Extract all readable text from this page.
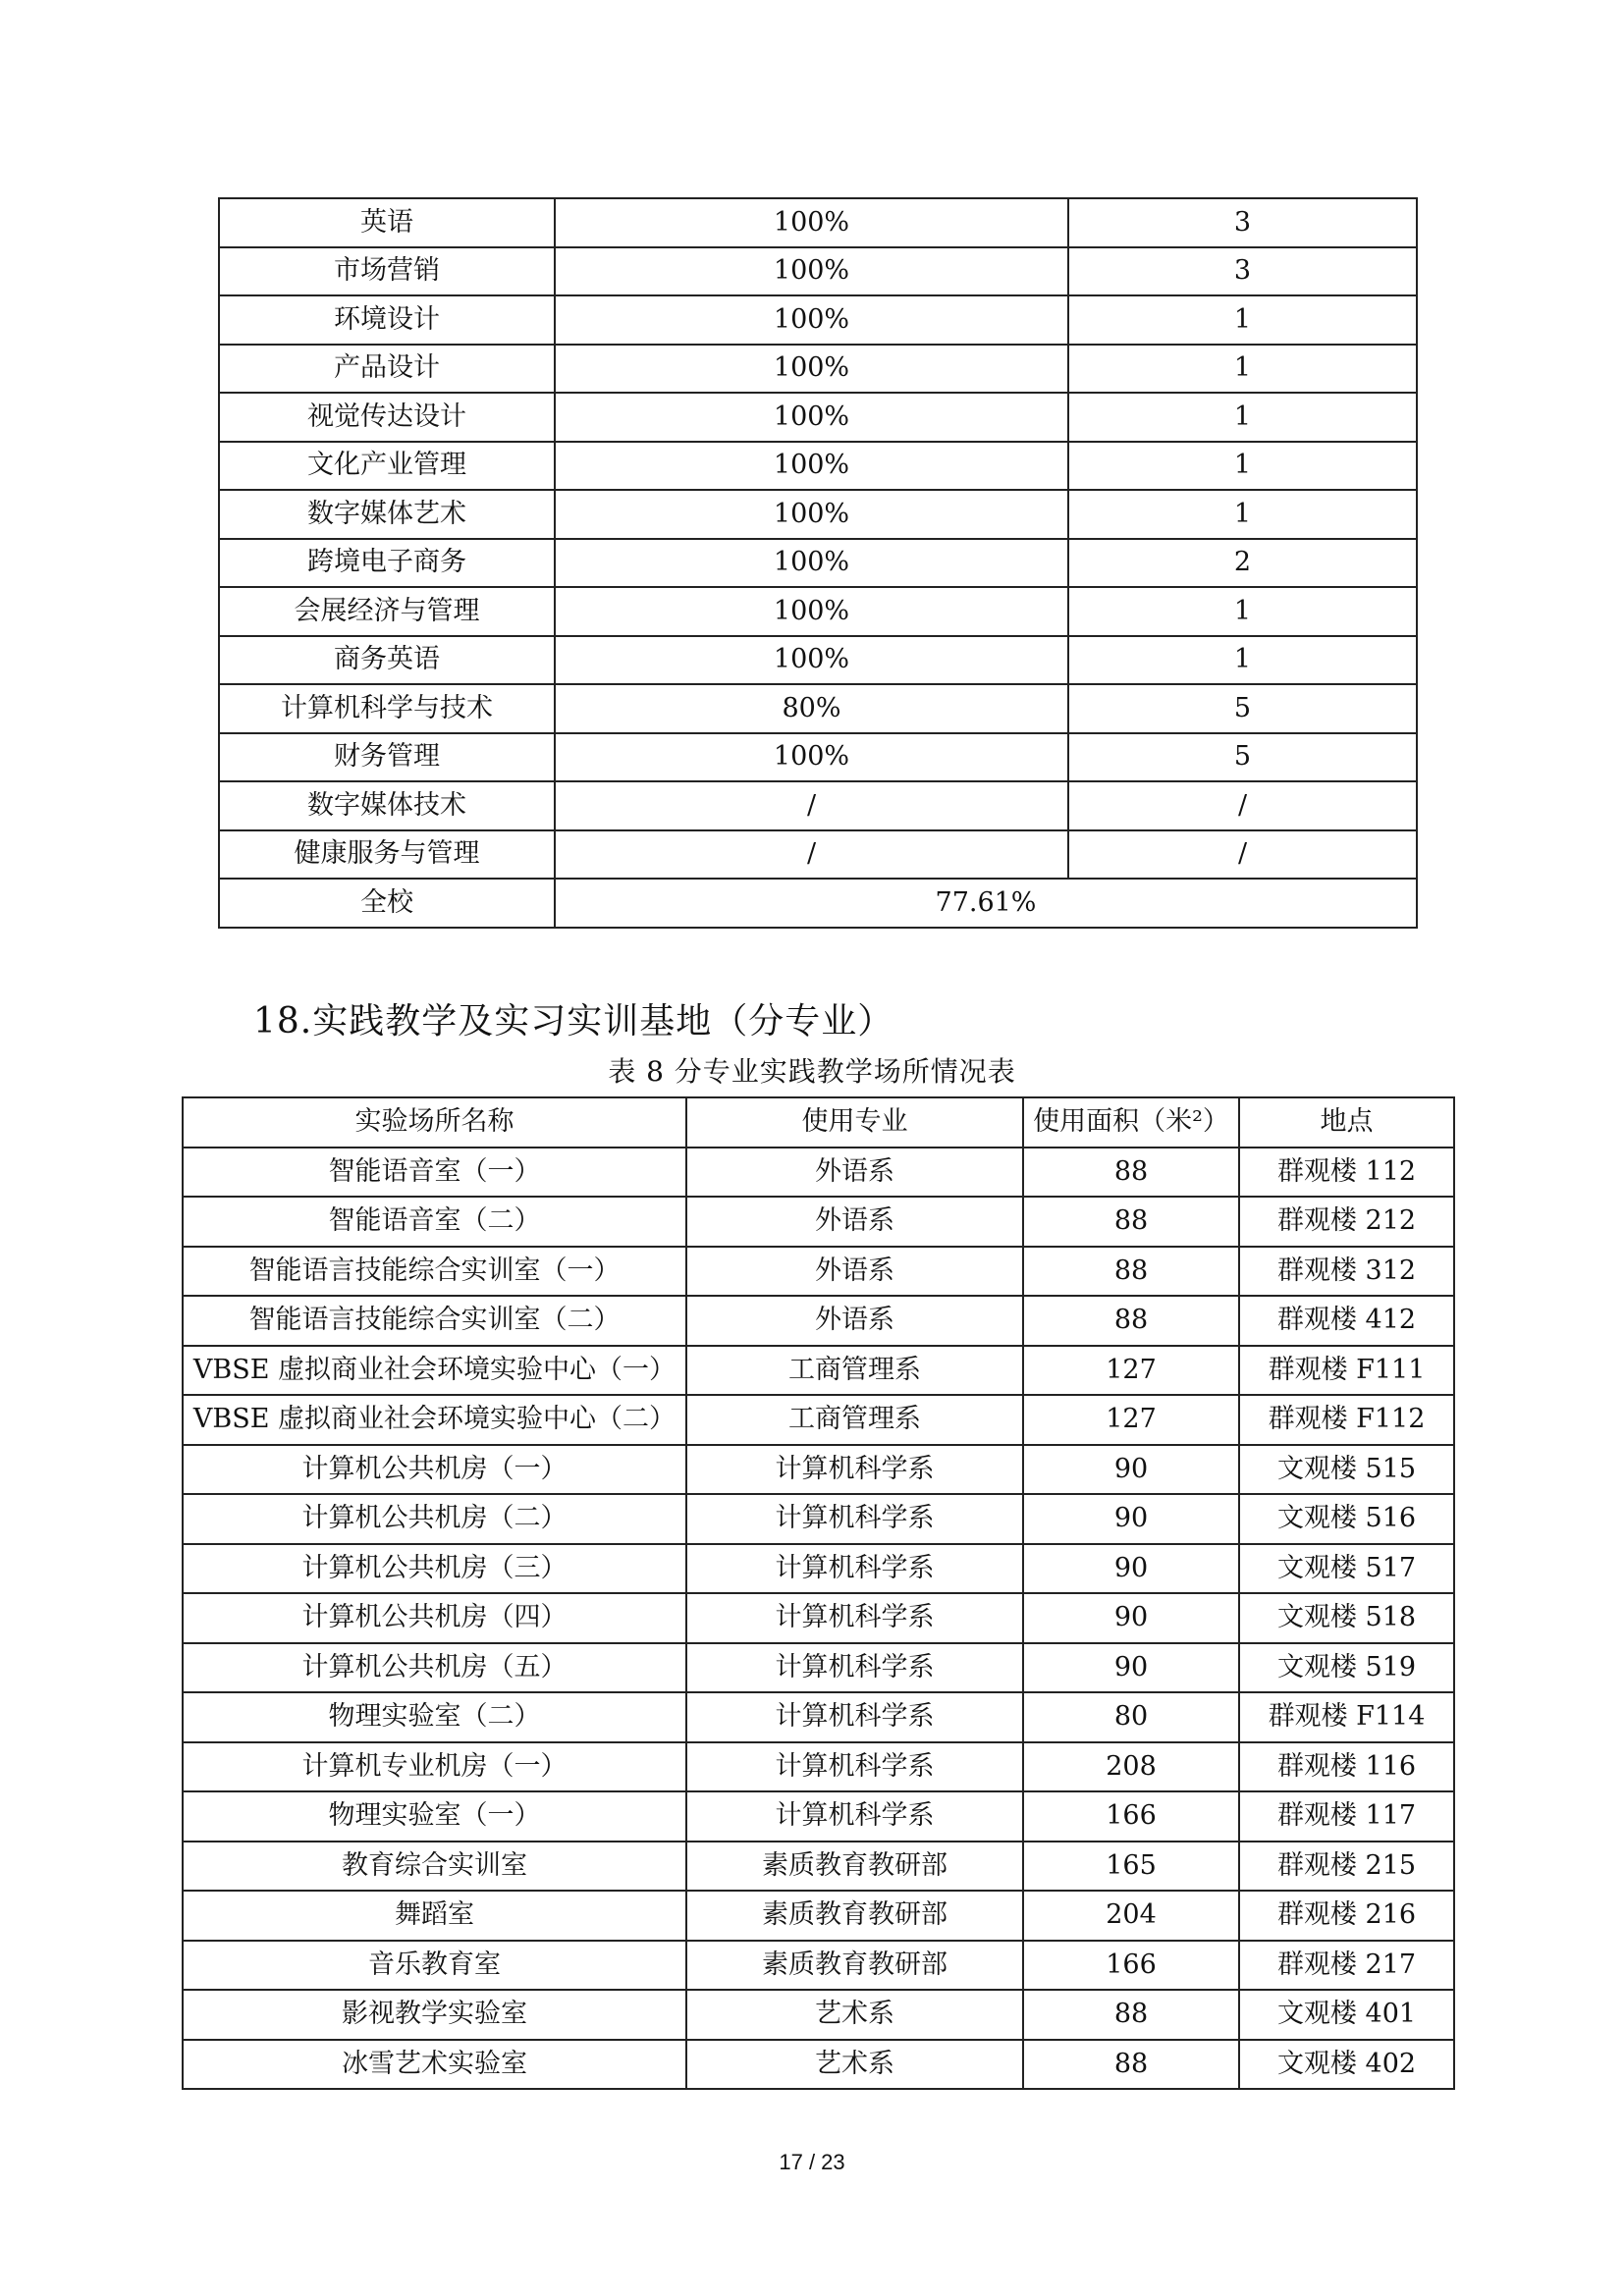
英语	100%	3
市场营销	100%	3
环境设计	100%	1
产品设计	100%	1
视觉传达设计	100%	1
文化产业管理	100%	1
数字媒体艺术	100%	1
跨境电子商务	100%	2
会展经济与管理	100%	1
商务英语	100%	1
计算机科学与技术	80%	5
财务管理	100%	5
数字媒体技术	/	/
健康服务与管理	/	/
全校	77.61%	
18.实践教学及实习实训基地（分专业）
表 8 分专业实践教学场所情况表
实验场所名称	使用专业	使用面积（米²）	地点
智能语音室（一）	外语系	88	群观楼 112
智能语音室（二）	外语系	88	群观楼 212
智能语言技能综合实训室（一）	外语系	88	群观楼 312
智能语言技能综合实训室（二）	外语系	88	群观楼 412
VBSE 虚拟商业社会环境实验中心（一）	工商管理系	127	群观楼 F111
VBSE 虚拟商业社会环境实验中心（二）	工商管理系	127	群观楼 F112
计算机公共机房（一）	计算机科学系	90	文观楼 515
计算机公共机房（二）	计算机科学系	90	文观楼 516
计算机公共机房（三）	计算机科学系	90	文观楼 517
计算机公共机房（四）	计算机科学系	90	文观楼 518
计算机公共机房（五）	计算机科学系	90	文观楼 519
物理实验室（二）	计算机科学系	80	群观楼 F114
计算机专业机房（一）	计算机科学系	208	群观楼 116
物理实验室（一）	计算机科学系	166	群观楼 117
教育综合实训室	素质教育教研部	165	群观楼 215
舞蹈室	素质教育教研部	204	群观楼 216
音乐教育室	素质教育教研部	166	群观楼 217
影视教学实验室	艺术系	88	文观楼 401
冰雪艺术实验室	艺术系	88	文观楼 402
17 / 23
